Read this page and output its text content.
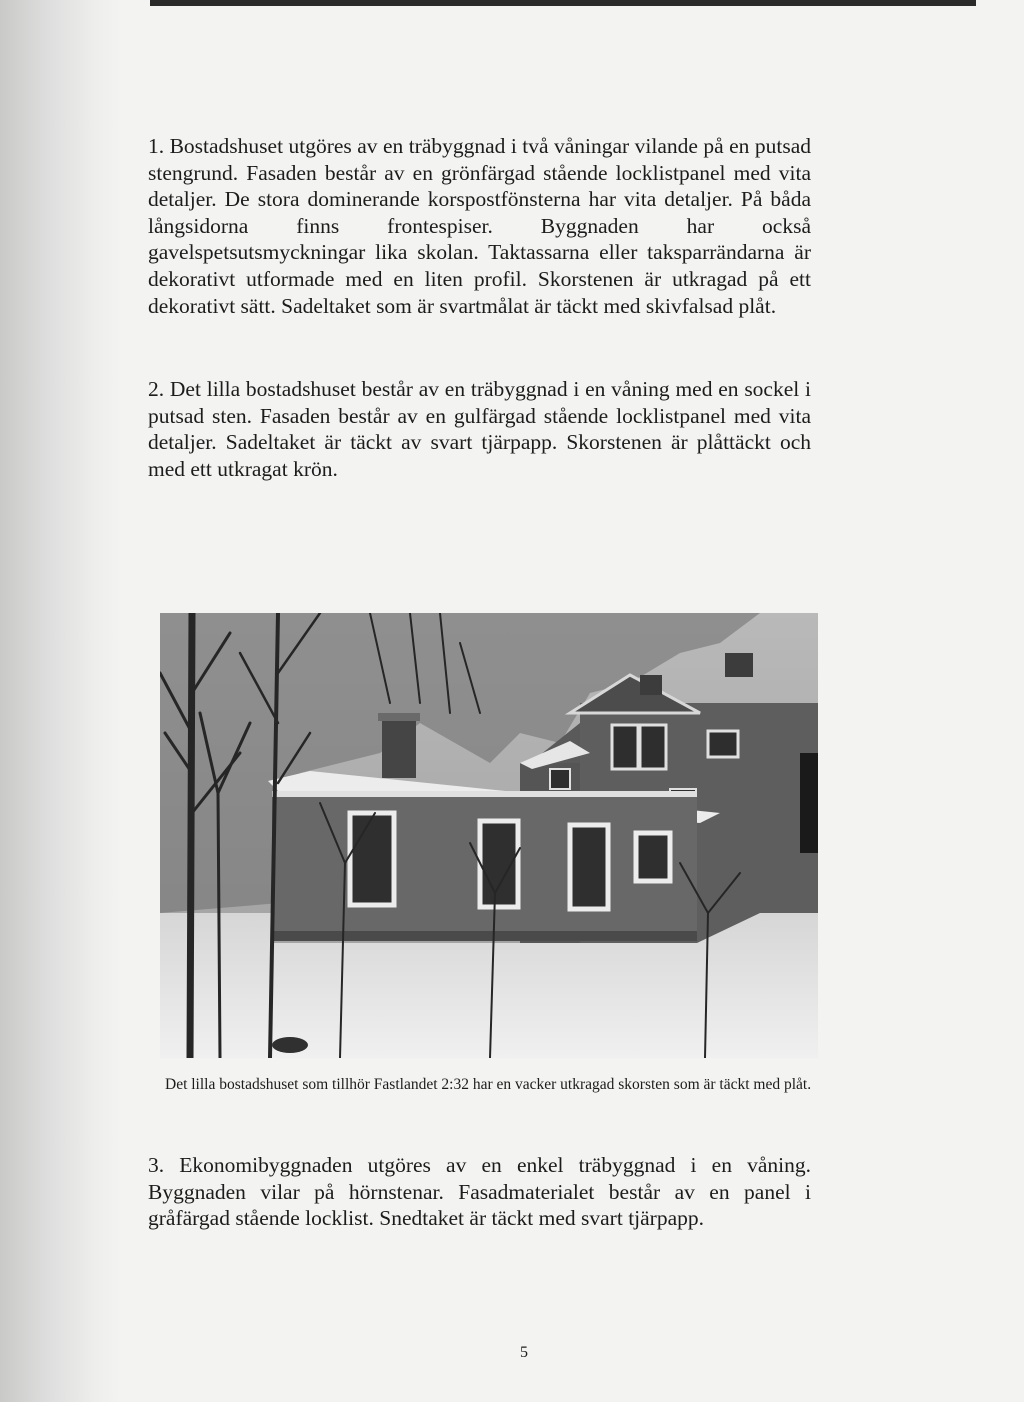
1. Bostadshuset utgöres av en träbyggnad i två våningar vilande på en putsad stengrund. Fasaden består av en grönfärgad stående locklistpanel med vita detaljer. De stora dominerande korspostfönsterna har vita detaljer. På båda långsidorna finns frontespiser. Byggnaden har också gavelspetsutsmyckningar lika skolan. Taktassarna eller taksparrändarna är dekorativt utformade med en liten profil. Skorstenen är utkragad på ett dekorativt sätt. Sadeltaket som är svartmålat är täckt med skivfalsad plåt.

2. Det lilla bostadshuset består av en träbyggnad i en våning med en sockel i putsad sten. Fasaden består av en gulfärgad stående locklistpanel med vita detaljer. Sadeltaket är täckt av svart tjärpapp. Skorstenen är plåttäckt och med ett utkragat krön.

Det lilla bostadshuset som tillhör Fastlandet 2:32 har en vacker utkragad skorsten som är täckt med plåt.

3. Ekonomibyggnaden utgöres av en enkel träbyggnad i en våning. Byggnaden vilar på hörnstenar. Fasadmaterialet består av en panel i gråfärgad stående locklist. Snedtaket är täckt med svart tjärpapp.

5
